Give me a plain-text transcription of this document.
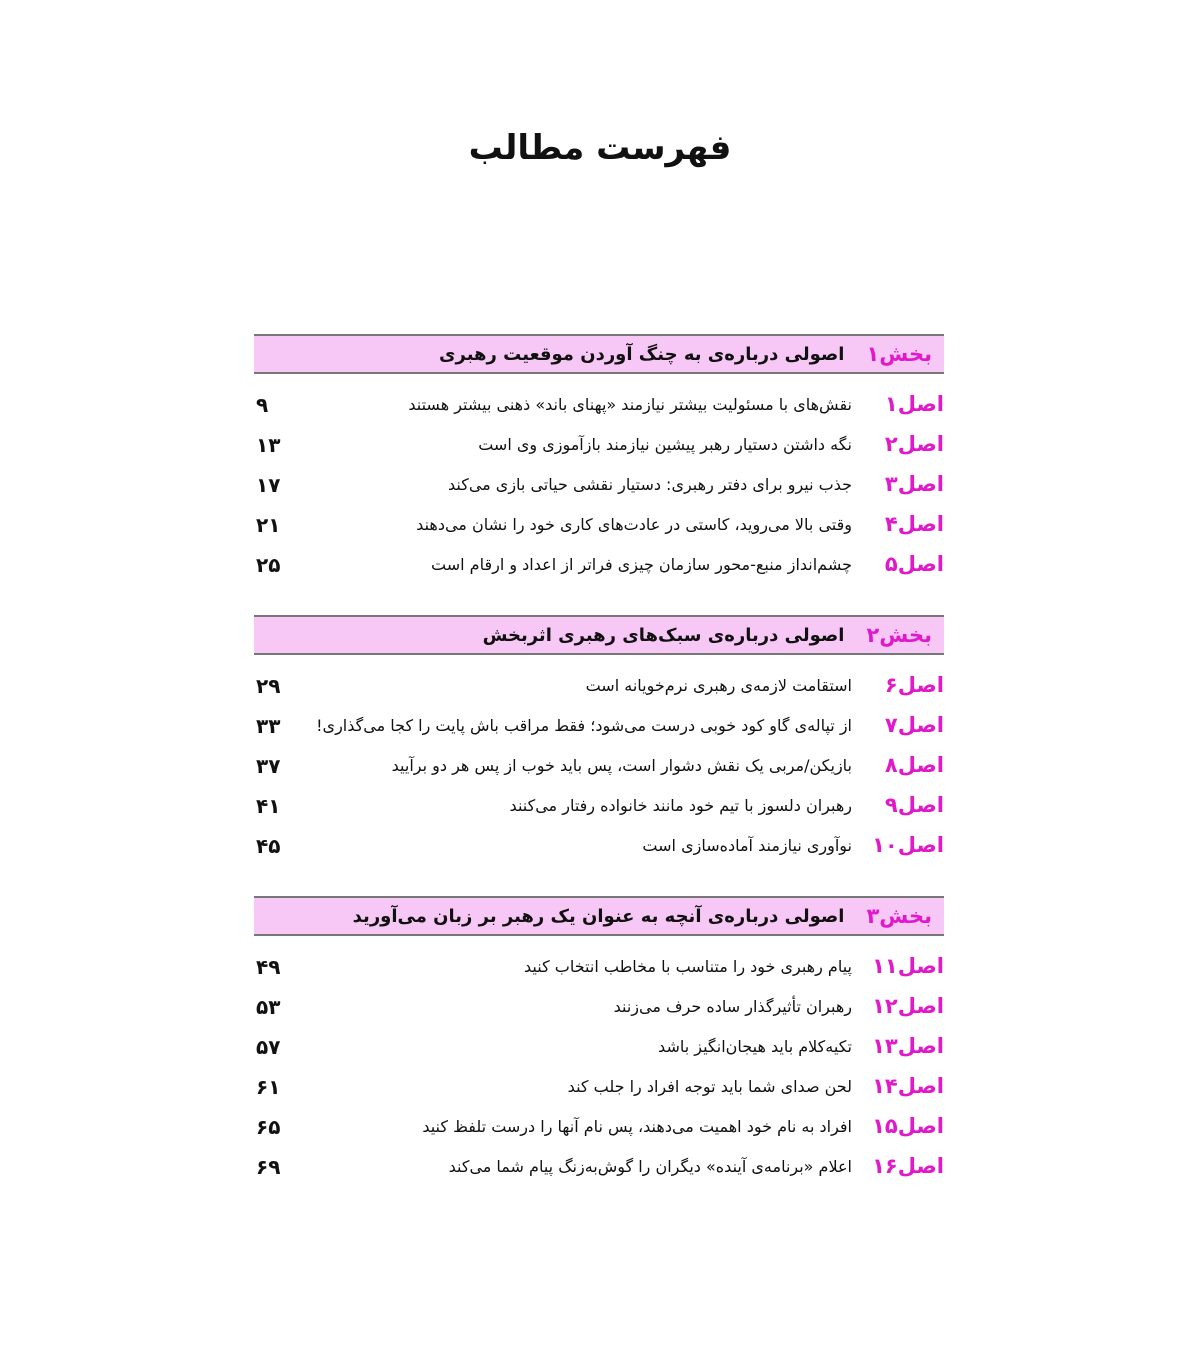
فهرست مطالب
بخش۱
اصولی درباره‌ی به چنگ آوردن موقعیت رهبری
اصل۱
نقش‌های با مسئولیت بیشتر نیازمند «پهنای باند» ذهنی بیشتر هستند
۹
اصل۲
نگه داشتن دستیار رهبر پیشین نیازمند بازآموزی وی است
۱۳
اصل۳
جذب نیرو برای دفتر رهبری: دستیار نقشی حیاتی بازی می‌کند
۱۷
اصل۴
وقتی بالا می‌روید، کاستی در عادت‌های کاری خود را نشان می‌دهند
۲۱
اصل۵
چشم‌انداز منبع-محور سازمان چیزی فراتر از اعداد و ارقام است
۲۵
بخش۲
اصولی درباره‌ی سبک‌های رهبری اثربخش
اصل۶
استقامت لازمه‌ی رهبری نرم‌خویانه است
۲۹
اصل۷
از تپاله‌ی گاو کود خوبی درست می‌شود؛ فقط مراقب باش پایت را کجا می‌گذاری!
۳۳
اصل۸
بازیکن/مربی یک نقش دشوار است، پس باید خوب از پس هر دو برآیید
۳۷
اصل۹
رهبران دلسوز با تیم خود مانند خانواده رفتار می‌کنند
۴۱
اصل۱۰
نوآوری نیازمند آماده‌سازی است
۴۵
بخش۳
اصولی درباره‌ی آنچه به عنوان یک رهبر بر زبان می‌آورید
اصل۱۱
پیام رهبری خود را متناسب با مخاطب انتخاب کنید
۴۹
اصل۱۲
رهبران تأثیرگذار ساده حرف می‌زنند
۵۳
اصل۱۳
تکیه‌کلام باید هیجان‌انگیز باشد
۵۷
اصل۱۴
لحن صدای شما باید توجه افراد را جلب کند
۶۱
اصل۱۵
افراد به نام خود اهمیت می‌دهند، پس نام آنها را درست تلفظ کنید
۶۵
اصل۱۶
اعلام «برنامه‌ی آینده» دیگران را گوش‌به‌زنگ پیام شما می‌کند
۶۹
